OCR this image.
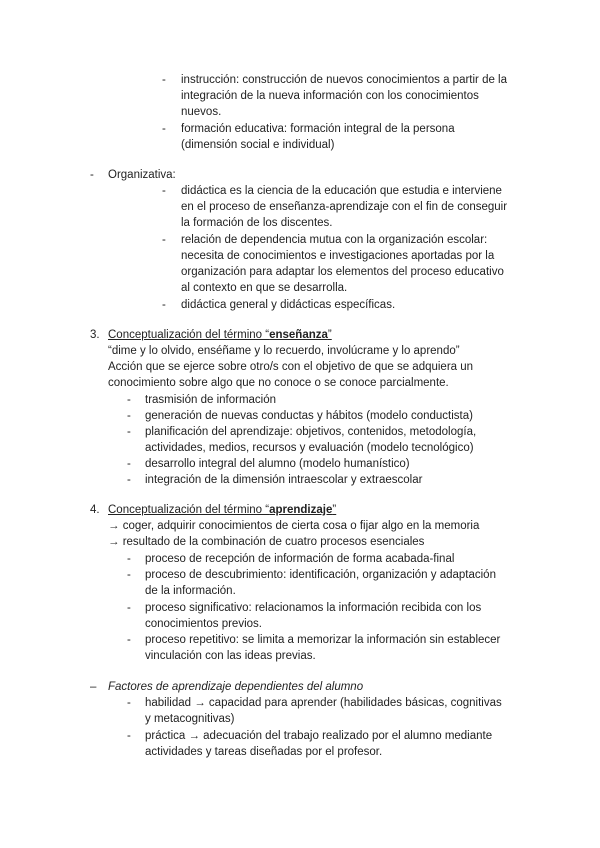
- instrucción: construcción de nuevos conocimientos a partir de la
integración de la nueva información con los conocimientos
nuevos.
- formación educativa: formación integral de la persona
(dimensión social e individual)
- Organizativa:
- didáctica es la ciencia de la educación que estudia e interviene
en el proceso de enseñanza-aprendizaje con el fin de conseguir
la formación de los discentes.
- relación de dependencia mutua con la organización escolar:
necesita de conocimientos e investigaciones aportadas por la
organización para adaptar los elementos del proceso educativo
al contexto en que se desarrolla.
- didáctica general y didácticas específicas.
3. Conceptualización del término “enseñanza”
“dime y lo olvido, enséñame y lo recuerdo, involúcrame y lo aprendo”
Acción que se ejerce sobre otro/s con el objetivo de que se adquiera un
conocimiento sobre algo que no conoce o se conoce parcialmente.
- trasmisión de información
- generación de nuevas conductas y hábitos (modelo conductista)
- planificación del aprendizaje: objetivos, contenidos, metodología,
actividades, medios, recursos y evaluación (modelo tecnológico)
- desarrollo integral del alumno (modelo humanístico)
- integración de la dimensión intraescolar y extraescolar
4. Conceptualización del término “aprendizaje”
→ coger, adquirir conocimientos de cierta cosa o fijar algo en la memoria
→ resultado de la combinación de cuatro procesos esenciales
- proceso de recepción de información de forma acabada-final
- proceso de descubrimiento: identificación, organización y adaptación
de la información.
- proceso significativo: relacionamos la información recibida con los
conocimientos previos.
- proceso repetitivo: se limita a memorizar la información sin establecer
vinculación con las ideas previas.
– Factores de aprendizaje dependientes del alumno
- habilidad → capacidad para aprender (habilidades básicas, cognitivas
y metacognitivas)
- práctica → adecuación del trabajo realizado por el alumno mediante
actividades y tareas diseñadas por el profesor.
